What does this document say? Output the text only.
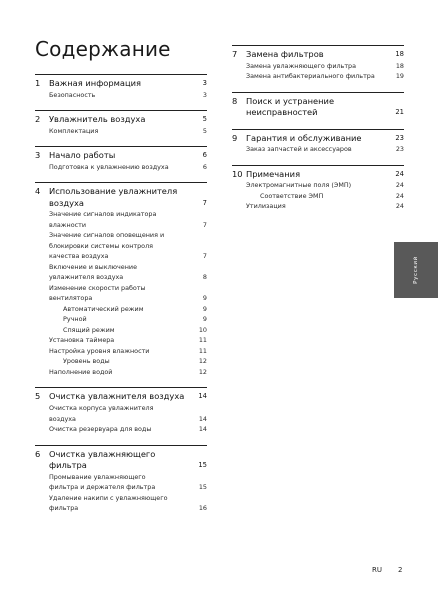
Содержание
1	Важная информация	3
Безопасность	3
2	Увлажнитель воздуха	5
Комплектация	5
3	Начало работы	6
Подготовка к увлажнению воздуха	6
4	Использование увлажнителя
воздуха	7
Значение сигналов индикатора
влажности	7
Значение сигналов оповещения и
блокировки системы контроля
качества воздуха	7
Включение и выключение
увлажнителя воздуха	8
Изменение скорости работы
вентилятора	9
Автоматический режим	9
Ручной	9
Спящий режим	10
Установка таймера	11
Настройка уровня влажности	11
Уровень воды	12
Наполнение водой	12
5	Очистка увлажнителя воздуха	14
Очистка корпуса увлажнителя
воздуха	14
Очистка резервуара для воды	14
6	Очистка увлажняющего фильтра	15
Промывание увлажняющего
фильтра и держателя фильтра	15
Удаление накипи с увлажняющего
фильтра	16
7	Замена фильтров	18
Замена увлажняющего фильтра	18
Замена антибактериального фильтра	19
8	Поиск и устранение
неисправностей	21
9	Гарантия и обслуживание	23
Заказ запчастей и аксессуаров	23
10 Примечания	24
Электромагнитные поля (ЭМП)	24
Соответствие ЭМП	24
Утилизация	24
Русский
RU 2
